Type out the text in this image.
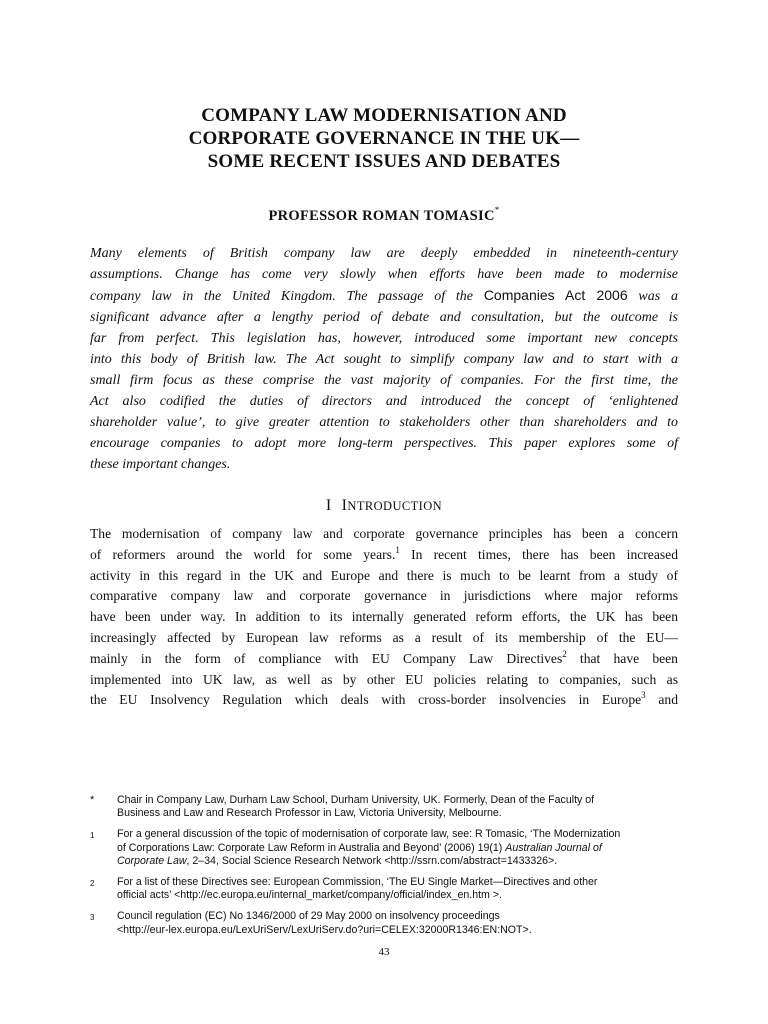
COMPANY LAW MODERNISATION AND
CORPORATE GOVERNANCE IN THE UK—
SOME RECENT ISSUES AND DEBATES
PROFESSOR ROMAN TOMASIC*
Many elements of British company law are deeply embedded in nineteenth-century
assumptions. Change has come very slowly when efforts have been made to modernise
company law in the United Kingdom. The passage of the Companies Act 2006 was a
significant advance after a lengthy period of debate and consultation, but the outcome is
far from perfect. This legislation has, however, introduced some important new concepts
into this body of British law. The Act sought to simplify company law and to start with a
small firm focus as these comprise the vast majority of companies. For the first time, the
Act also codified the duties of directors and introduced the concept of ‘enlightened
shareholder value’, to give greater attention to stakeholders other than shareholders and to
encourage companies to adopt more long-term perspectives. This paper explores some of
these important changes.
I INTRODUCTION
The modernisation of company law and corporate governance principles has been a concern
of reformers around the world for some years.$^1$ In recent times, there has been increased
activity in this regard in the UK and Europe and there is much to be learnt from a study of
comparative company law and corporate governance in jurisdictions where major reforms
have been under way. In addition to its internally generated reform efforts, the UK has been
increasingly affected by European law reforms as a result of its membership of the EU—
mainly in the form of compliance with EU Company Law Directives$^2$ that have been
implemented into UK law, as well as by other EU policies relating to companies, such as
the EU Insolvency Regulation which deals with cross-border insolvencies in Europe$^3$ and
*	Chair in Company Law, Durham Law School, Durham University, UK. Formerly, Dean of the Faculty of
Business and Law and Research Professor in Law, Victoria University, Melbourne.
1	For a general discussion of the topic of modernisation of corporate law, see: R Tomasic, ‘The Modernization
of Corporations Law: Corporate Law Reform in Australia and Beyond’ (2006) 19(1) Australian Journal of
Corporate Law, 2–34, Social Science Research Network <http://ssrn.com/abstract=1433326>.
2	For a list of these Directives see: European Commission, ‘The EU Single Market—Directives and other
official acts’ <http://ec.europa.eu/internal_market/company/official/index_en.htm >.
3	Council regulation (EC) No 1346/2000 of 29 May 2000 on insolvency proceedings
<http://eur-lex.europa.eu/LexUriServ/LexUriServ.do?uri=CELEX:32000R1346:EN:NOT>.
43
